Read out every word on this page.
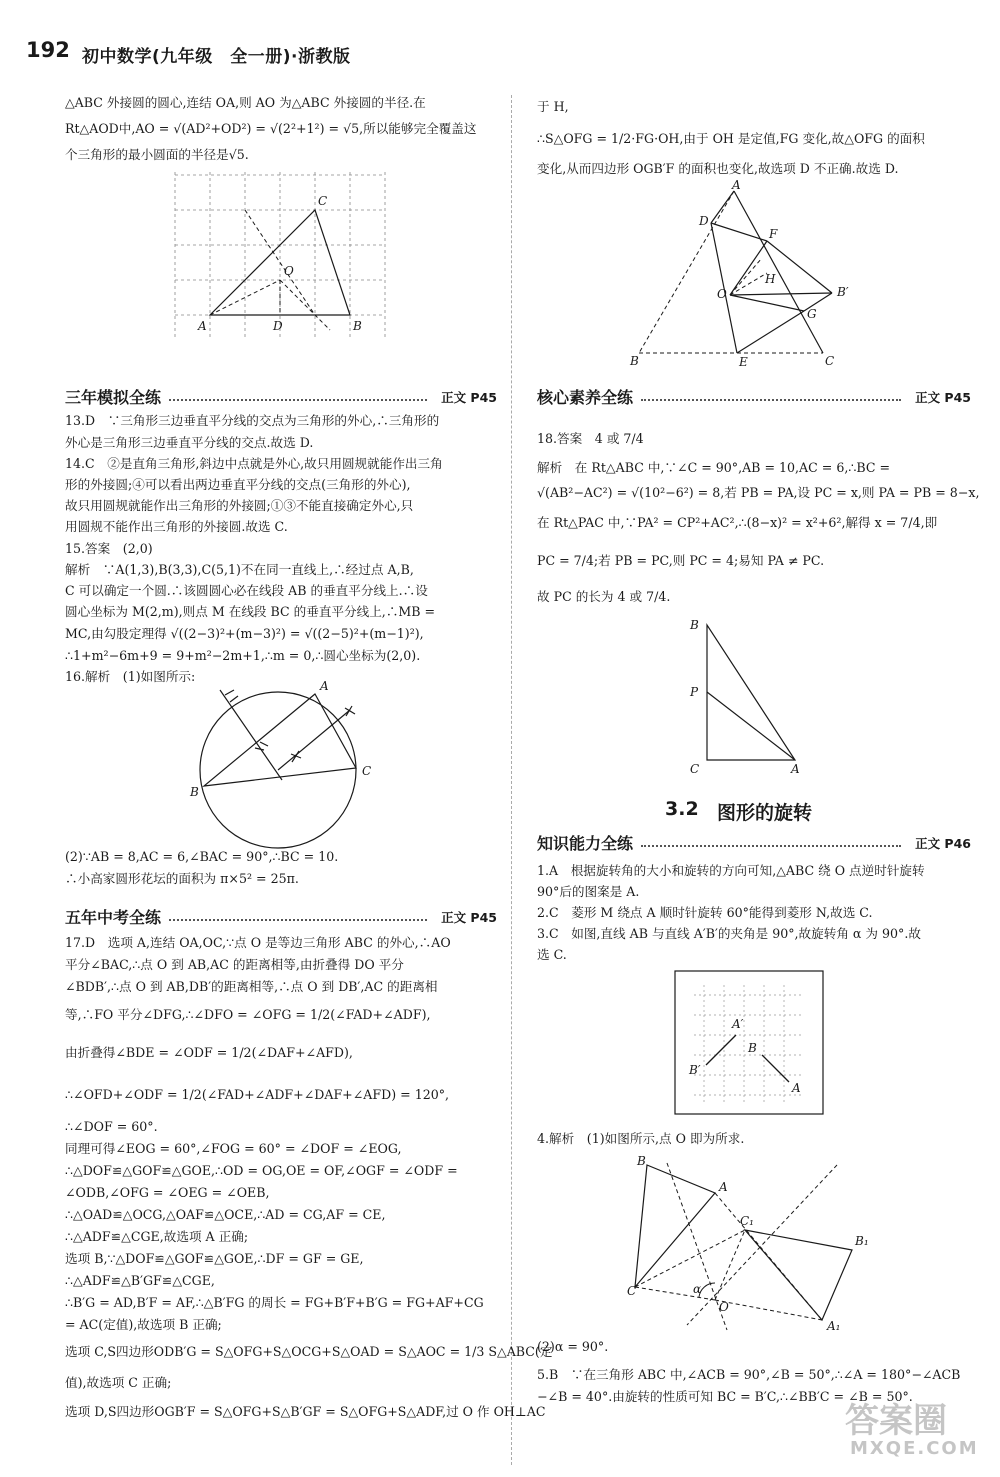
192 初中数学(九年级　全一册)·浙教版
△ABC 外接圆的圆心,连结 OA,则 AO 为△ABC 外接圆的半径.在
Rt△AOD中,AO = √(AD²+OD²) = √(2²+1²) = √5,所以能够完全覆盖这
个三角形的最小圆面的半径是√5.
A	B
C
D
O
三年模拟全练	正文 P45
13.D　∵三角形三边垂直平分线的交点为三角形的外心,∴三角形的
外心是三角形三边垂直平分线的交点.故选 D.
14.C　②是直角三角形,斜边中点就是外心,故只用圆规就能作出三角
形的外接圆;④可以看出两边垂直平分线的交点(三角形的外心),
故只用圆规就能作出三角形的外接圆;①③不能直接确定外心,只
用圆规不能作出三角形的外接圆.故选 C.
15.答案　(2,0)
解析　∵A(1,3),B(3,3),C(5,1)不在同一直线上,∴经过点 A,B,
C 可以确定一个圆.∴该圆圆心必在线段 AB 的垂直平分线上.∴设
圆心坐标为 M(2,m),则点 M 在线段 BC 的垂直平分线上,∴MB =
MC,由勾股定理得 √((2−3)²+(m−3)²) = √((2−5)²+(m−1)²),
∴1+m²−6m+9 = 9+m²−2m+1,∴m = 0,∴圆心坐标为(2,0).
16.解析　(1)如图所示:
A
B
C
(2)∵AB = 8,AC = 6,∠BAC = 90°,∴BC = 10.
∴小高家圆形花坛的面积为 π×5² = 25π.
五年中考全练	正文 P45
17.D　选项 A,连结 OA,OC,∵点 O 是等边三角形 ABC 的外心,∴AO
平分∠BAC,∴点 O 到 AB,AC 的距离相等,由折叠得 DO 平分
∠BDB′,∴点 O 到 AB,DB′的距离相等,∴点 O 到 DB′,AC 的距离相
等,∴FO 平分∠DFG,∴∠DFO = ∠OFG = 1/2(∠FAD+∠ADF),
由折叠得∠BDE = ∠ODF = 1/2(∠DAF+∠AFD),
∴∠OFD+∠ODF = 1/2(∠FAD+∠ADF+∠DAF+∠AFD) = 120°,
∴∠DOF = 60°.
同理可得∠EOG = 60°,∠FOG = 60° = ∠DOF = ∠EOG,
∴△DOF≌△GOF≌△GOE,∴OD = OG,OE = OF,∠OGF = ∠ODF =
∠ODB,∠OFG = ∠OEG = ∠OEB,
∴△OAD≌△OCG,△OAF≌△OCE,∴AD = CG,AF = CE,
∴△ADF≌△CGE,故选项 A 正确;
选项 B,∵△DOF≌△GOF≌△GOE,∴DF = GF = GE,
∴△ADF≌△B′GF≌△CGE,
∴B′G = AD,B′F = AF,∴△B′FG 的周长 = FG+B′F+B′G = FG+AF+CG
= AC(定值),故选项 B 正确;
选项 C,S四边形ODB′G = S△OFG+S△OCG+S△OAD = S△AOC = 1/3 S△ABC(定
值),故选项 C 正确;
选项 D,S四边形OGB′F = S△OFG+S△B′GF = S△OFG+S△ADF,过 O 作 OH⊥AC
于 H,
∴S△OFG = 1/2·FG·OH,由于 OH 是定值,FG 变化,故△OFG 的面积
变化,从而四边形 OGB′F 的面积也变化,故选项 D 不正确.故选 D.
A
D
F
H
O	B′
G
B	E	C
核心素养全练	正文 P45
18.答案　4 或 7/4
解析　在 Rt△ABC 中,∵∠C = 90°,AB = 10,AC = 6,∴BC =
√(AB²−AC²) = √(10²−6²) = 8,若 PB = PA,设 PC = x,则 PA = PB = 8−x,
在 Rt△PAC 中,∵PA² = CP²+AC²,∴(8−x)² = x²+6²,解得 x = 7/4,即
PC = 7/4;若 PB = PC,则 PC = 4;易知 PA ≠ PC.
故 PC 的长为 4 或 7/4.
B
P
C	A
3.2 图形的旋转
知识能力全练	正文 P46
1.A　根据旋转角的大小和旋转的方向可知,△ABC 绕 O 点逆时针旋转
90°后的图案是 A.
2.C　菱形 M 绕点 A 顺时针旋转 60°能得到菱形 N,故选 C.
3.C　如图,直线 AB 与直线 A′B′的夹角是 90°,故旋转角 α 为 90°.故
选 C.
A′
B′
B
A
4.解析　(1)如图所示,点 O 即为所求.
B
A
C₁
B₁
C	α
O
A₁
(2)α = 90°.
5.B　∵在三角形 ABC 中,∠ACB = 90°,∠B = 50°,∴∠A = 180°−∠ACB
−∠B = 40°.由旋转的性质可知 BC = B′C,∴∠BB′C = ∠B = 50°.
答案圈
MXQE.COM
